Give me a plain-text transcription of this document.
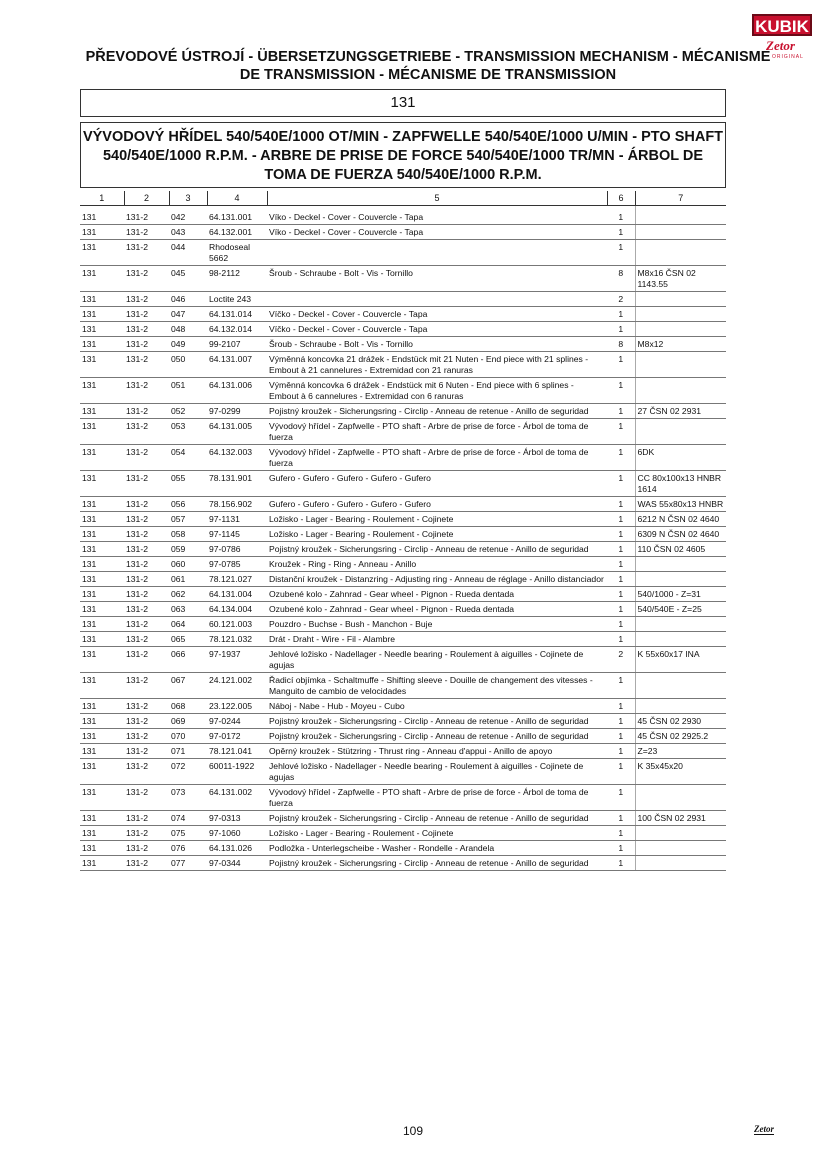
KUBIK
Zetor
ORIGINAL
PŘEVODOVÉ ÚSTROJÍ - ÜBERSETZUNGSGETRIEBE - TRANSMISSION MECHANISM - MÉCANISME DE TRANSMISSION - MÉCANISME DE TRANSMISSION
131
VÝVODOVÝ HŘÍDEL 540/540E/1000 OT/MIN - ZAPFWELLE 540/540E/1000 U/MIN - PTO SHAFT 540/540E/1000 R.P.M. - ARBRE DE PRISE DE FORCE 540/540E/1000 TR/MN - ÁRBOL DE TOMA DE FUERZA 540/540E/1000 R.P.M.
1	2	3	4	5	6	7
131	131-2	042	64.131.001	Víko - Deckel - Cover - Couvercle - Tapa	1	
131	131-2	043	64.132.001	Víko - Deckel - Cover - Couvercle - Tapa	1	
131	131-2	044	Rhodoseal 5662		1	
131	131-2	045	98-2112	Šroub - Schraube - Bolt - Vis - Tornillo	8	M8x16 ČSN 02 1143.55
131	131-2	046	Loctite 243		2	
131	131-2	047	64.131.014	Víčko - Deckel - Cover - Couvercle - Tapa	1	
131	131-2	048	64.132.014	Víčko - Deckel - Cover - Couvercle - Tapa	1	
131	131-2	049	99-2107	Šroub - Schraube - Bolt - Vis - Tornillo	8	M8x12
131	131-2	050	64.131.007	Výměnná koncovka 21 drážek - Endstück mit 21 Nuten - End piece with 21 splines - Embout à 21 cannelures - Extremidad con 21 ranuras	1	
131	131-2	051	64.131.006	Výměnná koncovka 6 drážek - Endstück mit 6 Nuten - End piece with 6 splines - Embout à 6 cannelures - Extremidad con 6 ranuras	1	
131	131-2	052	97-0299	Pojistný kroužek - Sicherungsring - Circlip - Anneau de retenue - Anillo de seguridad	1	27 ČSN 02 2931
131	131-2	053	64.131.005	Vývodový hřídel - Zapfwelle - PTO shaft - Arbre de prise de force - Árbol de toma de fuerza	1	
131	131-2	054	64.132.003	Vývodový hřídel - Zapfwelle - PTO shaft - Arbre de prise de force - Árbol de toma de fuerza	1	6DK
131	131-2	055	78.131.901	Gufero - Gufero - Gufero - Gufero - Gufero	1	CC 80x100x13 HNBR 1614
131	131-2	056	78.156.902	Gufero - Gufero - Gufero - Gufero - Gufero	1	WAS 55x80x13 HNBR
131	131-2	057	97-1131	Ložisko - Lager - Bearing - Roulement - Cojinete	1	6212 N ČSN 02 4640
131	131-2	058	97-1145	Ložisko - Lager - Bearing - Roulement - Cojinete	1	6309 N ČSN 02 4640
131	131-2	059	97-0786	Pojistný kroužek - Sicherungsring - Circlip - Anneau de retenue - Anillo de seguridad	1	110 ČSN 02 4605
131	131-2	060	97-0785	Kroužek - Ring - Ring - Anneau - Anillo	1	
131	131-2	061	78.121.027	Distanční kroužek - Distanzring - Adjusting ring - Anneau de réglage - Anillo distanciador	1	
131	131-2	062	64.131.004	Ozubené kolo - Zahnrad - Gear wheel - Pignon - Rueda dentada	1	540/1000 - Z=31
131	131-2	063	64.134.004	Ozubené kolo - Zahnrad - Gear wheel - Pignon - Rueda dentada	1	540/540E - Z=25
131	131-2	064	60.121.003	Pouzdro - Buchse - Bush - Manchon - Buje	1	
131	131-2	065	78.121.032	Drát - Draht - Wire - Fil - Alambre	1	
131	131-2	066	97-1937	Jehlové ložisko - Nadellager - Needle bearing - Roulement à aiguilles - Cojinete de agujas	2	K 55x60x17 INA
131	131-2	067	24.121.002	Řadicí objímka - Schaltmuffe - Shifting sleeve - Douille de changement des vitesses - Manguito de cambio de velocidades	1	
131	131-2	068	23.122.005	Náboj - Nabe - Hub - Moyeu - Cubo	1	
131	131-2	069	97-0244	Pojistný kroužek - Sicherungsring - Circlip - Anneau de retenue - Anillo de seguridad	1	45 ČSN 02 2930
131	131-2	070	97-0172	Pojistný kroužek - Sicherungsring - Circlip - Anneau de retenue - Anillo de seguridad	1	45 ČSN 02 2925.2
131	131-2	071	78.121.041	Opěrný kroužek - Stützring - Thrust ring - Anneau d'appui - Anillo de apoyo	1	Z=23
131	131-2	072	60011-1922	Jehlové ložisko - Nadellager - Needle bearing - Roulement à aiguilles - Cojinete de agujas	1	K 35x45x20
131	131-2	073	64.131.002	Vývodový hřídel - Zapfwelle - PTO shaft - Arbre de prise de force - Árbol de toma de fuerza	1	
131	131-2	074	97-0313	Pojistný kroužek - Sicherungsring - Circlip - Anneau de retenue - Anillo de seguridad	1	100 ČSN 02 2931
131	131-2	075	97-1060	Ložisko - Lager - Bearing - Roulement - Cojinete	1	
131	131-2	076	64.131.026	Podložka - Unterlegscheibe - Washer - Rondelle - Arandela	1	
131	131-2	077	97-0344	Pojistný kroužek - Sicherungsring - Circlip - Anneau de retenue - Anillo de seguridad	1	
109	Zetor
